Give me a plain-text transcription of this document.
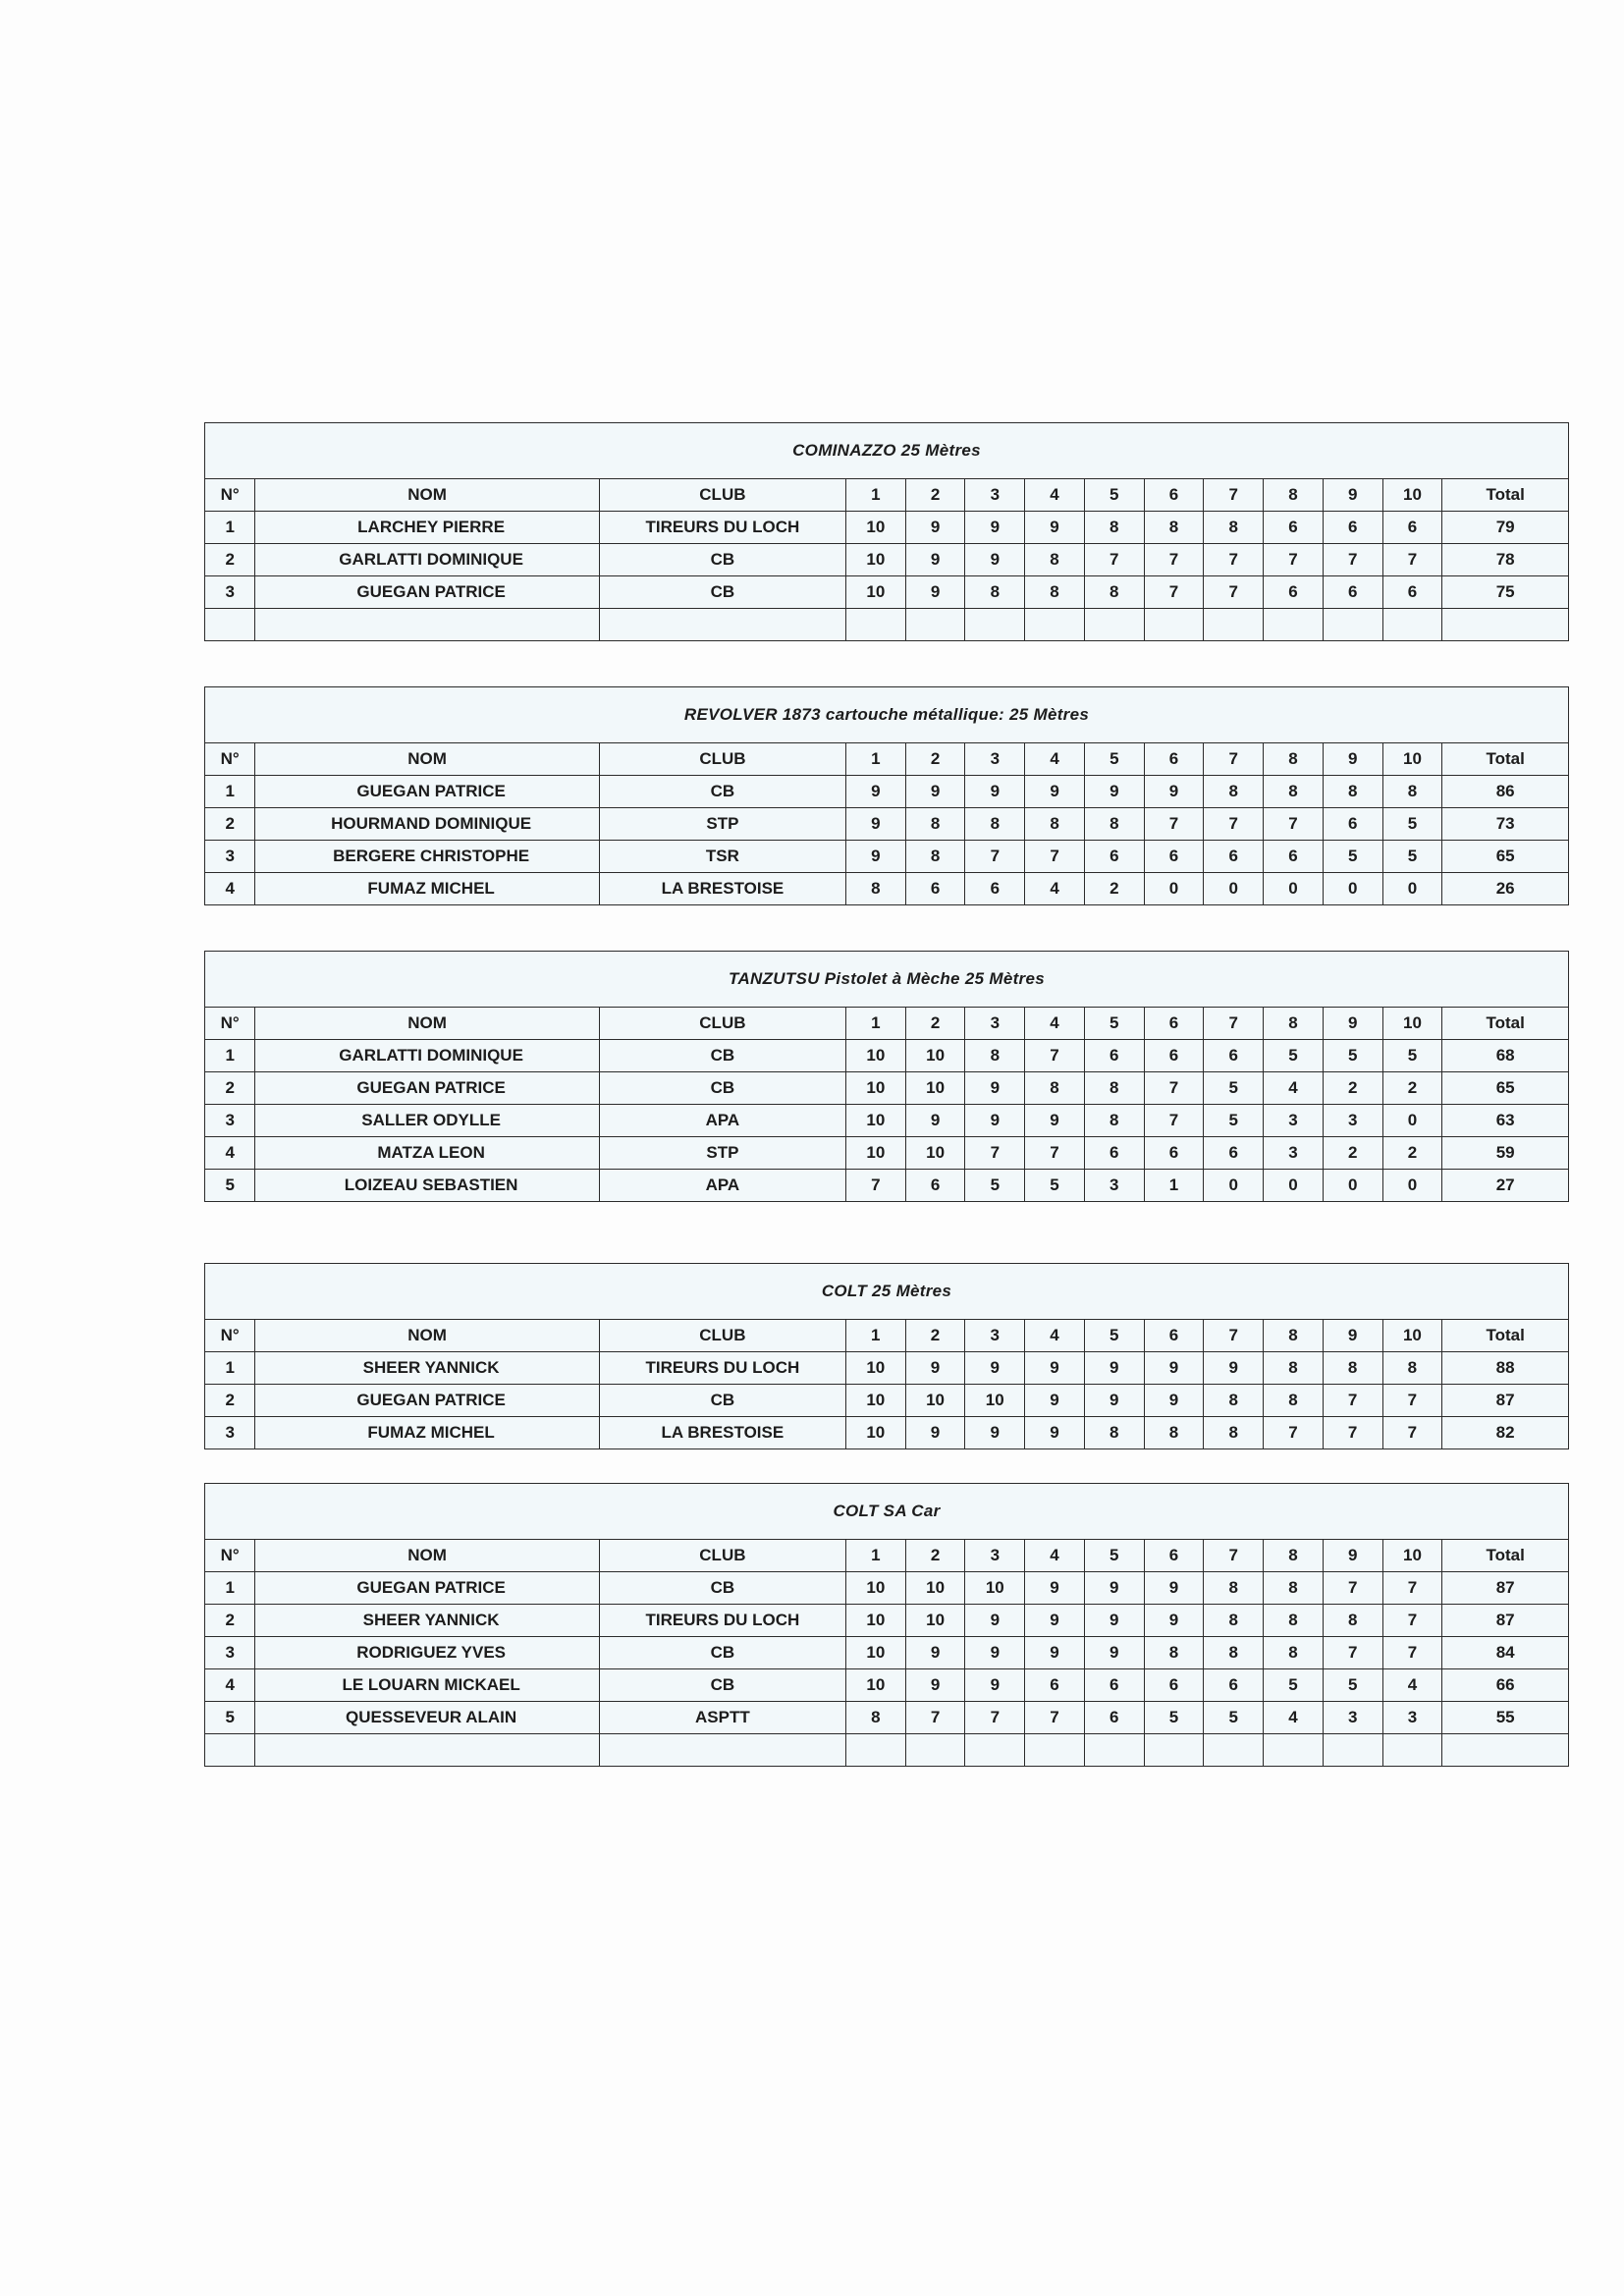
COMINAZZO 25 Mètres													
N°	NOM	CLUB	1	2	3	4	5	6	7	8	9	10	Total
1	LARCHEY PIERRE	TIREURS DU LOCH	10	9	9	9	8	8	8	6	6	6	79
2	GARLATTI DOMINIQUE	CB	10	9	9	8	7	7	7	7	7	7	78
3	GUEGAN PATRICE	CB	10	9	8	8	8	7	7	6	6	6	75

REVOLVER 1873 cartouche métallique: 25 Mètres													
N°	NOM	CLUB	1	2	3	4	5	6	7	8	9	10	Total
1	GUEGAN PATRICE	CB	9	9	9	9	9	9	8	8	8	8	86
2	HOURMAND DOMINIQUE	STP	9	8	8	8	8	7	7	7	6	5	73
3	BERGERE CHRISTOPHE	TSR	9	8	7	7	6	6	6	6	5	5	65
4	FUMAZ MICHEL	LA BRESTOISE	8	6	6	4	2	0	0	0	0	0	26
TANZUTSU Pistolet à Mèche 25 Mètres													
N°	NOM	CLUB	1	2	3	4	5	6	7	8	9	10	Total
1	GARLATTI DOMINIQUE	CB	10	10	8	7	6	6	6	5	5	5	68
2	GUEGAN PATRICE	CB	10	10	9	8	8	7	5	4	2	2	65
3	SALLER ODYLLE	APA	10	9	9	9	8	7	5	3	3	0	63
4	MATZA LEON	STP	10	10	7	7	6	6	6	3	2	2	59
5	LOIZEAU SEBASTIEN	APA	7	6	5	5	3	1	0	0	0	0	27
COLT 25 Mètres													
N°	NOM	CLUB	1	2	3	4	5	6	7	8	9	10	Total
1	SHEER YANNICK	TIREURS DU LOCH	10	9	9	9	9	9	9	8	8	8	88
2	GUEGAN PATRICE	CB	10	10	10	9	9	9	8	8	7	7	87
3	FUMAZ MICHEL	LA BRESTOISE	10	9	9	9	8	8	8	7	7	7	82
COLT SA Car													
N°	NOM	CLUB	1	2	3	4	5	6	7	8	9	10	Total
1	GUEGAN PATRICE	CB	10	10	10	9	9	9	8	8	7	7	87
2	SHEER YANNICK	TIREURS DU LOCH	10	10	9	9	9	9	8	8	8	7	87
3	RODRIGUEZ YVES	CB	10	9	9	9	9	8	8	8	7	7	84
4	LE LOUARN MICKAEL	CB	10	9	9	6	6	6	6	5	5	4	66
5	QUESSEVEUR ALAIN	ASPTT	8	7	7	7	6	5	5	4	3	3	55
